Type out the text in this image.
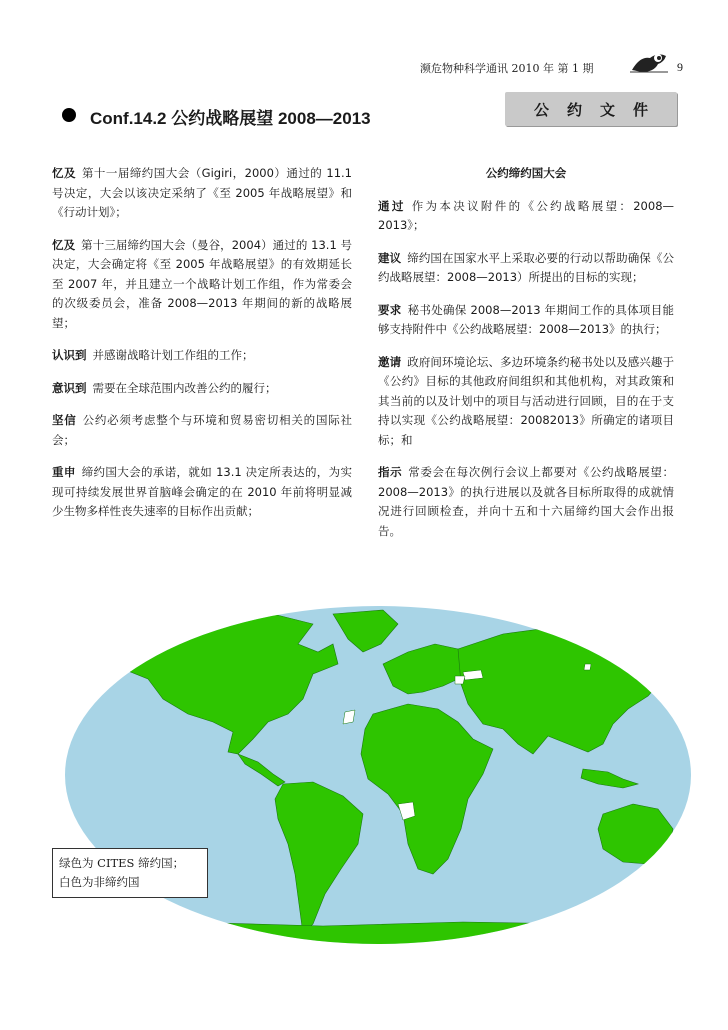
濒危物种科学通讯 2010 年 第 1 期	9
Conf.14.2 公约战略展望 2008—2013	公约文件

忆及 第十一届缔约国大会（Gigiri，2000）通过的 11.1 号决定，大会以该决定采纳了《至 2005 年战略展望》和《行动计划》；

忆及 第十三届缔约国大会（曼谷，2004）通过的 13.1 号决定，大会确定将《至 2005 年战略展望》的有效期延长至 2007 年，并且建立一个战略计划工作组，作为常委会的次级委员会，准备 2008—2013 年期间的新的战略展望；

认识到 并感谢战略计划工作组的工作；

意识到 需要在全球范围内改善公约的履行；

坚信 公约必须考虑整个与环境和贸易密切相关的国际社会；

重申 缔约国大会的承诺，就如 13.1 决定所表达的，为实现可持续发展世界首脑峰会确定的在 2010 年前将明显减少生物多样性丧失速率的目标作出贡献；

公约缔约国大会

通过 作为本决议附件的《公约战略展望：2008—2013》；

建议 缔约国在国家水平上采取必要的行动以帮助确保《公约战略展望：2008—2013）所提出的目标的实现；

要求 秘书处确保 2008—2013 年期间工作的具体项目能够支持附件中《公约战略展望：2008—2013》的执行；

邀请 政府间环境论坛、多边环境条约秘书处以及感兴趣于《公约》目标的其他政府间组织和其他机构，对其政策和其当前的以及计划中的项目与活动进行回顾，目的在于支持以实现《公约战略展望：20082013》所确定的诸项目标；和

指示 常委会在每次例行会议上都要对《公约战略展望：2008—2013》的执行进展以及就各目标所取得的成就情况进行回顾检查，并向十五和十六届缔约国大会作出报告。

绿色为 CITES 缔约国；
白色为非缔约国
